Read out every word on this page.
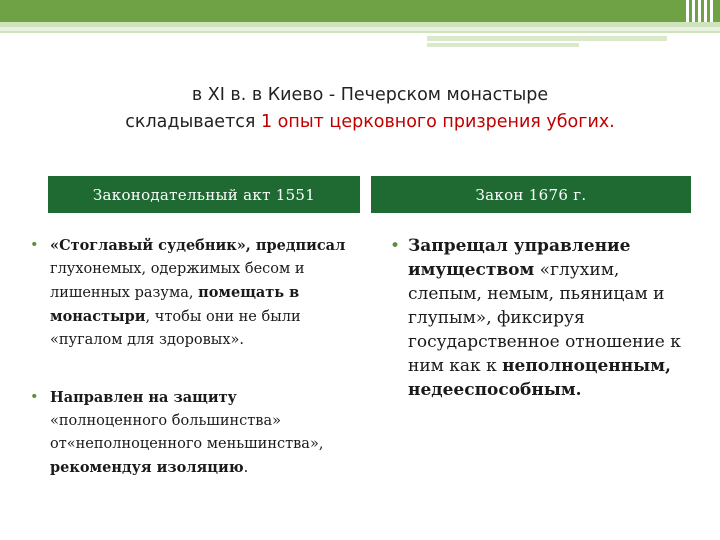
в XI в. в Киево - Печерском монастыре
складывается 1 опыт церковного призрения убогих.
Законодательный акт 1551	Закон 1676 г.
• «Стоглавый судебник», предписал глухонемых, одержимых бесом и лишенных разума, помещать в монастыри, чтобы они не были «пугалом для здоровых».
• Направлен на защиту «полноценного большинства» от«неполноценного меньшинства», рекомендуя изоляцию.
• Запрещал управление имуществом «глухим, слепым, немым, пьяницам и глупым», фиксируя государственное отношение к ним как к неполноценным, недееспособным.
